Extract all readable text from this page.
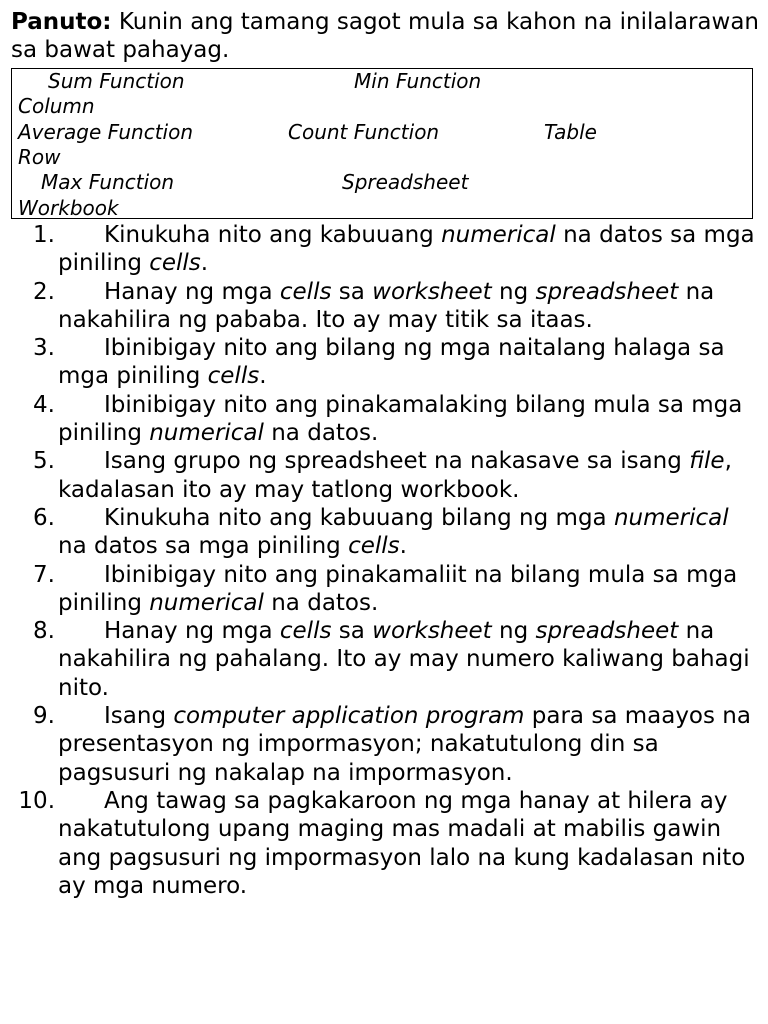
Panuto: Kunin ang tamang sagot mula sa kahon na inilalarawan sa bawat pahayag.
Sum Function	Min Function
Column
Average Function	Count Function	Table
Row
Max Function	Spreadsheet
Workbook
1.	Kinukuha nito ang kabuuang numerical na datos sa mga piniling cells.
2.	Hanay ng mga cells sa worksheet ng spreadsheet na nakahilira ng pababa. Ito ay may titik sa itaas.
3.	Ibinibigay nito ang bilang ng mga naitalang halaga sa mga piniling cells.
4.	Ibinibigay nito ang pinakamalaking bilang mula sa mga piniling numerical na datos.
5.	Isang grupo ng spreadsheet na nakasave sa isang file, kadalasan ito ay may tatlong workbook.
6.	Kinukuha nito ang kabuuang bilang ng mga numerical na datos sa mga piniling cells.
7.	Ibinibigay nito ang pinakamaliit na bilang mula sa mga piniling numerical na datos.
8.	Hanay ng mga cells sa worksheet ng spreadsheet na nakahilira ng pahalang. Ito ay may numero kaliwang bahagi nito.
9.	Isang computer application program para sa maayos na presentasyon ng impormasyon; nakatutulong din sa pagsusuri ng nakalap na impormasyon.
10.	Ang tawag sa pagkakaroon ng mga hanay at hilera ay nakatutulong upang maging mas madali at mabilis gawin ang pagsusuri ng impormasyon lalo na kung kadalasan nito ay mga numero.
